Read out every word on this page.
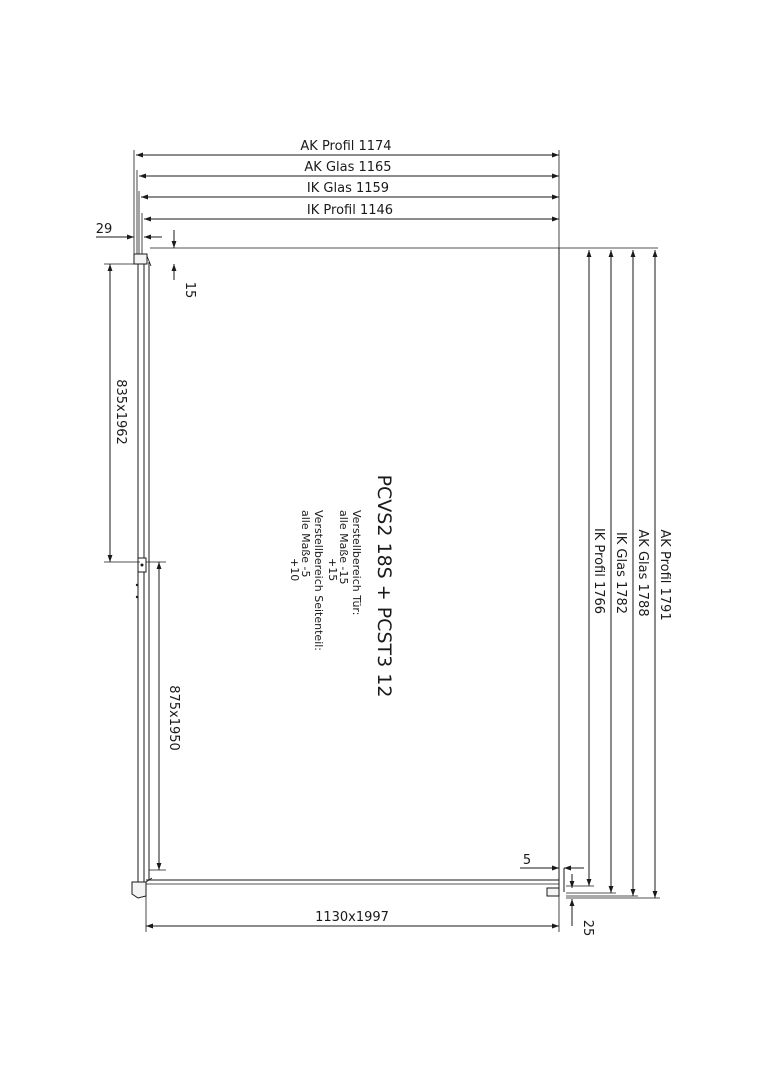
AK Profil 1174
AK Glas 1165
IK Glas 1159
IK Profil 1146
29
15
835x1962
875x1950
AK Profil 1791
AK Glas 1788
IK Glas 1782
IK Profil 1766
5
25
1130x1997
PCVS2 18S + PCST3 12
Verstellbereich Tür:
alle Maße -15
+15
Verstellbereich Seitenteil:
alle Maße -5
+10
